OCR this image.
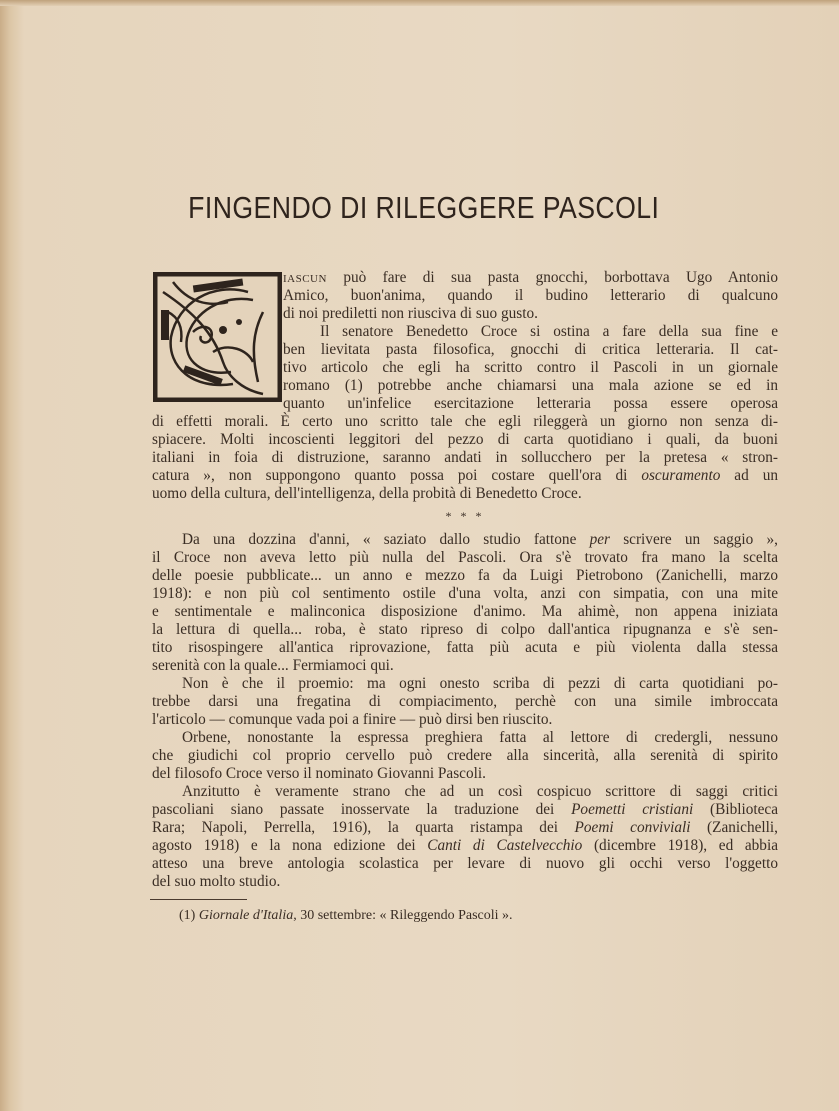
FINGENDO DI RILEGGERE PASCOLI
iascun può fare di sua pasta gnocchi, borbottava Ugo Antonio
Amico, buon'anima, quando il budino letterario di qualcuno
di noi prediletti non riusciva di suo gusto.
Il senatore Benedetto Croce si ostina a fare della sua fine e
ben lievitata pasta filosofica, gnocchi di critica letteraria. Il cat-
tivo articolo che egli ha scritto contro il Pascoli in un giornale
romano (1) potrebbe anche chiamarsi una mala azione se ed in
quanto un'infelice esercitazione letteraria possa essere operosa
di effetti morali. È certo uno scritto tale che egli rileggerà un giorno non senza di-
spiacere. Molti incoscienti leggitori del pezzo di carta quotidiano i quali, da buoni
italiani in foia di distruzione, saranno andati in sollucchero per la pretesa « stron-
catura », non suppongono quanto possa poi costare quell'ora di oscuramento ad un
uomo della cultura, dell'intelligenza, della probità di Benedetto Croce.
* * *
Da una dozzina d'anni, « saziato dallo studio fattone per scrivere un saggio »,
il Croce non aveva letto più nulla del Pascoli. Ora s'è trovato fra mano la scelta
delle poesie pubblicate... un anno e mezzo fa da Luigi Pietrobono (Zanichelli, marzo
1918): e non più col sentimento ostile d'una volta, anzi con simpatia, con una mite
e sentimentale e malinconica disposizione d'animo. Ma ahimè, non appena iniziata
la lettura di quella... roba, è stato ripreso di colpo dall'antica ripugnanza e s'è sen-
tito risospingere all'antica riprovazione, fatta più acuta e più violenta dalla stessa
serenità con la quale... Fermiamoci qui.
Non è che il proemio: ma ogni onesto scriba di pezzi di carta quotidiani po-
trebbe darsi una fregatina di compiacimento, perchè con una simile imbroccata
l'articolo — comunque vada poi a finire — può dirsi ben riuscito.
Orbene, nonostante la espressa preghiera fatta al lettore di credergli, nessuno
che giudichi col proprio cervello può credere alla sincerità, alla serenità di spirito
del filosofo Croce verso il nominato Giovanni Pascoli.
Anzitutto è veramente strano che ad un così cospicuo scrittore di saggi critici
pascoliani siano passate inosservate la traduzione dei Poemetti cristiani (Biblioteca
Rara; Napoli, Perrella, 1916), la quarta ristampa dei Poemi conviviali (Zanichelli,
agosto 1918) e la nona edizione dei Canti di Castelvecchio (dicembre 1918), ed abbia
atteso una breve antologia scolastica per levare di nuovo gli occhi verso l'oggetto
del suo molto studio.
(1) Giornale d'Italia, 30 settembre: « Rileggendo Pascoli ».
